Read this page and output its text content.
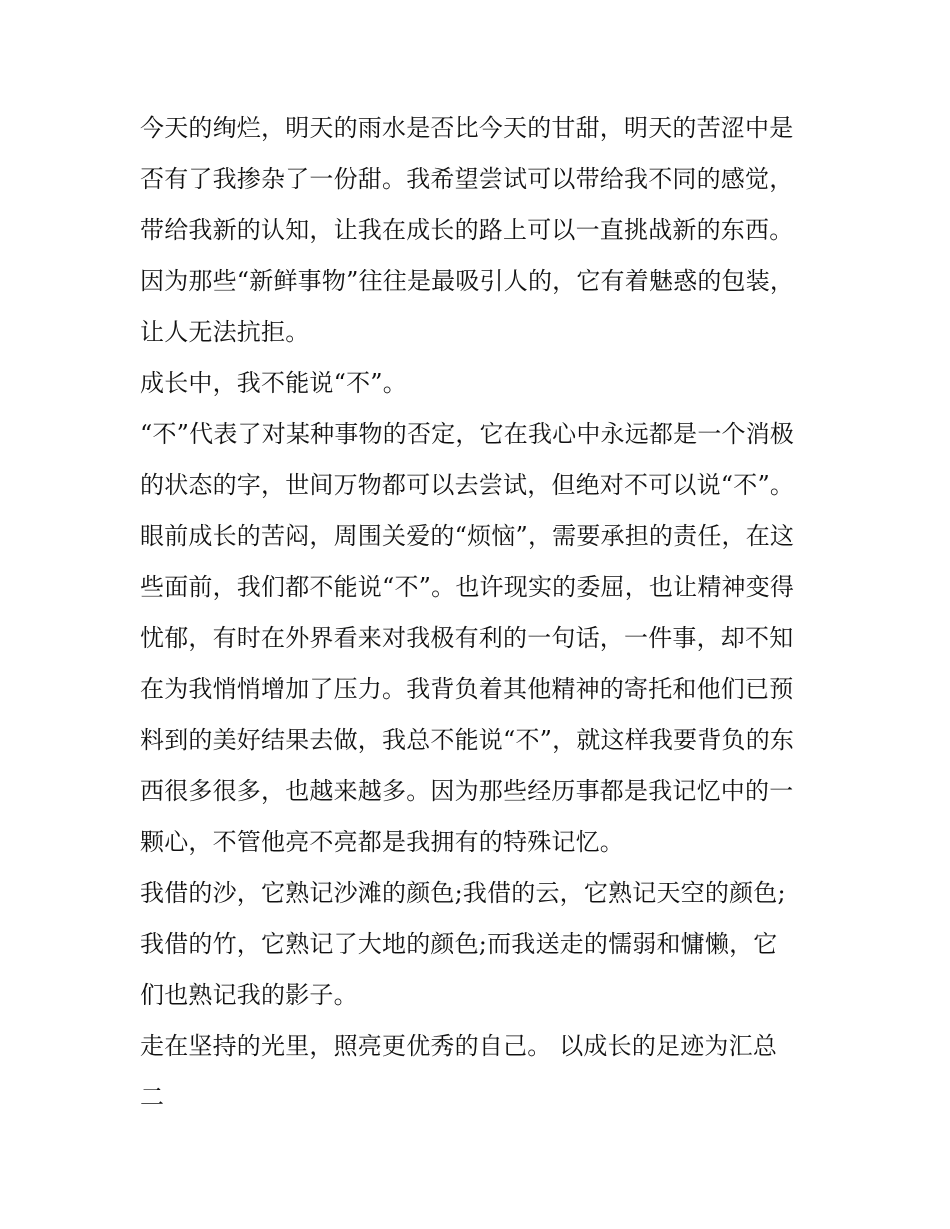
今天的绚烂，明天的雨水是否比今天的甘甜，明天的苦涩中是
否有了我掺杂了一份甜。我希望尝试可以带给我不同的感觉，
带给我新的认知，让我在成长的路上可以一直挑战新的东西。
因为那些“新鲜事物”往往是最吸引人的，它有着魅惑的包装，
让人无法抗拒。
成长中，我不能说“不”。
“不”代表了对某种事物的否定，它在我心中永远都是一个消极
的状态的字，世间万物都可以去尝试，但绝对不可以说“不”。
眼前成长的苦闷，周围关爱的“烦恼”，需要承担的责任，在这
些面前，我们都不能说“不”。也许现实的委屈，也让精神变得
忧郁，有时在外界看来对我极有利的一句话，一件事，却不知
在为我悄悄增加了压力。我背负着其他精神的寄托和他们已预
料到的美好结果去做，我总不能说“不”，就这样我要背负的东
西很多很多，也越来越多。因为那些经历事都是我记忆中的一
颗心，不管他亮不亮都是我拥有的特殊记忆。
我借的沙，它熟记沙滩的颜色;我借的云，它熟记天空的颜色;
我借的竹，它熟记了大地的颜色;而我送走的懦弱和慵懒，它
们也熟记我的影子。
走在坚持的光里，照亮更优秀的自己。 以成长的足迹为汇总
二
